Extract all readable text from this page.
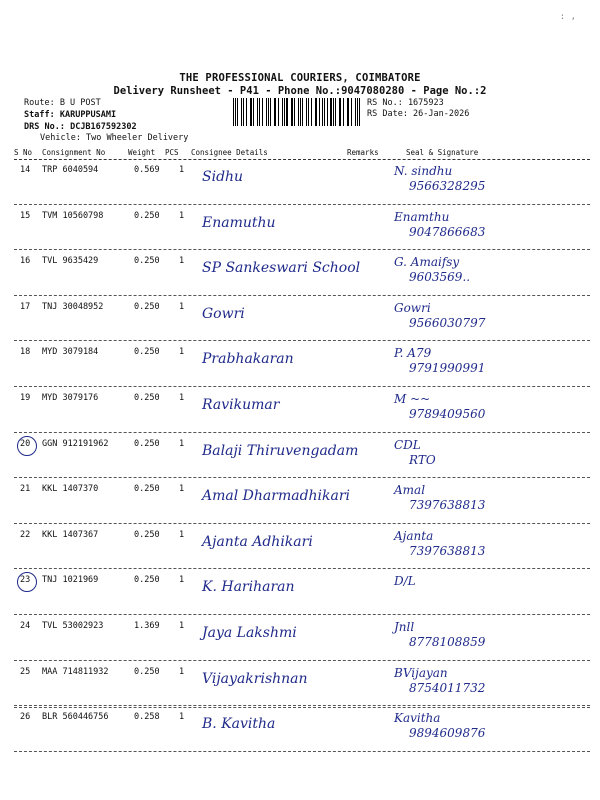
: ,
THE PROFESSIONAL COURIERS, COIMBATORE
Delivery Runsheet - P41 - Phone No.:9047080280 - Page No.:2
Route: B U POST
Staff: KARUPPUSAMI
DRS No.: DCJB167592302
Vehicle: Two Wheeler Delivery
RS No.: 1675923
RS Date: 26-Jan-2026
S No Consignment No	Weight PCS Consignee Details	Remarks	Seal & Signature
14 TRP 6040594	0.569 1 Sidhu	N. sindhu
9566328295
15 TVM 10560798	0.250 1 Enamuthu	Enamthu
9047866683
16 TVL 9635429	0.250 1 SP Sankeswari School	G. Amaifsy
9603569..
17 TNJ 30048952	0.250 1 Gowri	Gowri
9566030797
18 MYD 3079184	0.250 1 Prabhakaran	P. A79
9791990991
19 MYD 3079176	0.250 1 Ravikumar	M ~~
9789409560
20 GGN 912191962	0.250 1 Balaji Thiruvengadam	CDL
RTO
21 KKL 1407370	0.250 1 Amal Dharmadhikari	Amal
7397638813
22 KKL 1407367	0.250 1 Ajanta Adhikari	Ajanta
7397638813
23 TNJ 1021969	0.250 1 K. Hariharan	D/L
24 TVL 53002923	1.369 1 Jaya Lakshmi	Jnll
8778108859
25 MAA 714811932	0.250 1 Vijayakrishnan	BVijayan
8754011732
26 BLR 560446756	0.258 1 B. Kavitha	Kavitha
9894609876
